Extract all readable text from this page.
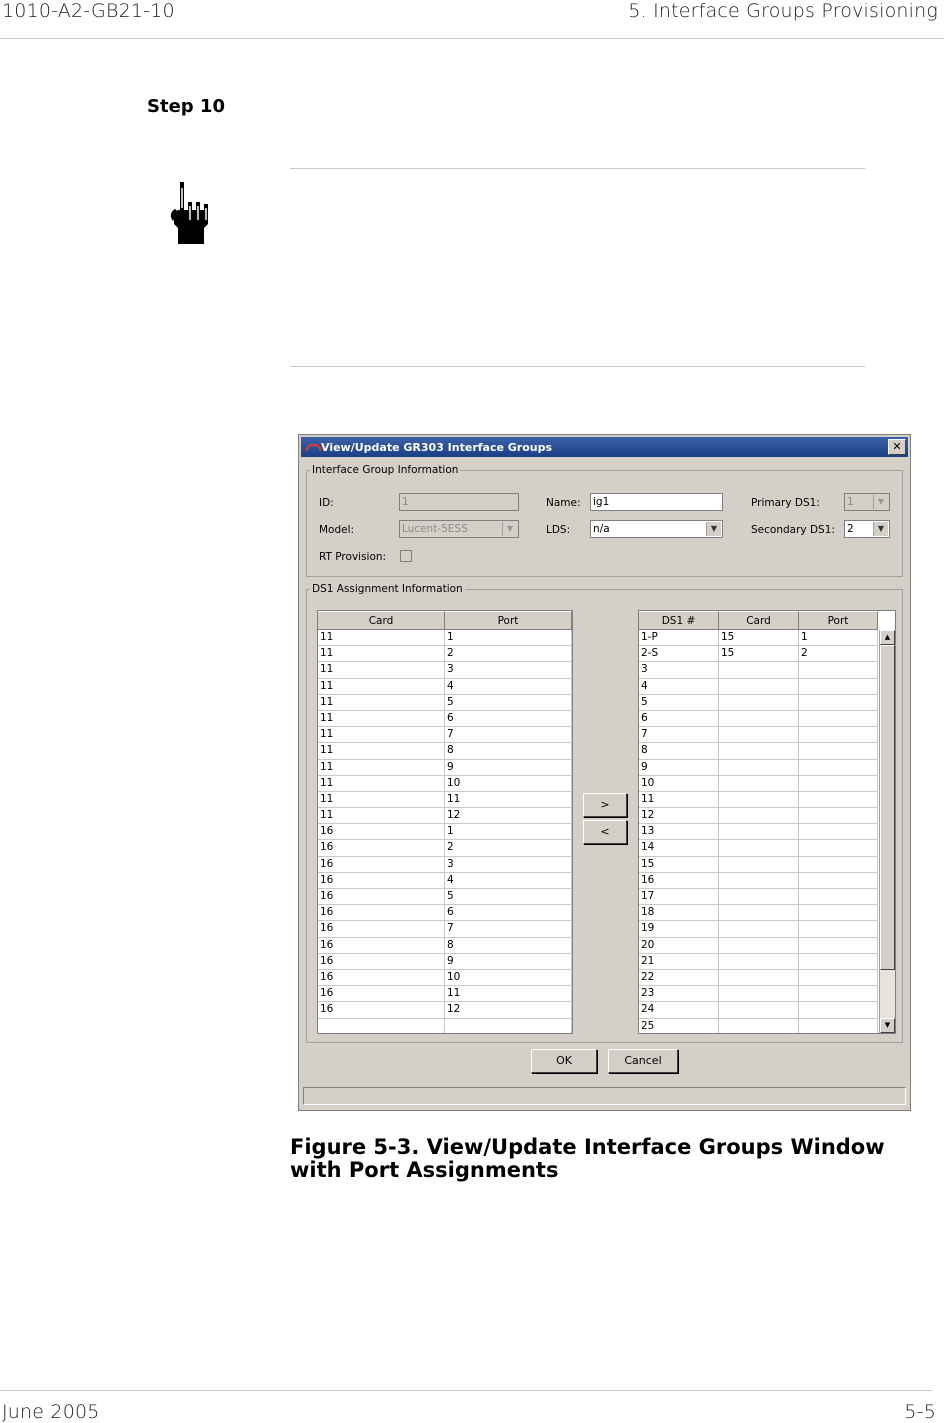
1010-A2-GB21-10	5. Interface Groups Provisioning
Step 10
View/Update GR303 Interface Groups	✕
Interface Group Information
ID:	1	Name: ig1	Primary DS1:	1	▼
Model:	Lucent-5ESS	▼	LDS: n/a	▼	Secondary DS1: 2	▼
RT Provision:
DS1 Assignment Information
Card	Port
11	1
11	2
11	3
11	4
11	5
11	6
11	7
11	8
11	9
11	10
11	11
11	12
16	1
16	2
16	3
16	4
16	5
16	6
16	7
16	8
16	9
16	10
16	11
16	12
>
<
DS1 #	Card	Port
1-P	15	1
2-S	15	2
3
4
5
6
7
8
9
10
11
12
13
14
15
16
17
18
19
20
21
22
23
24
25
▲
▼
OK	Cancel
Figure 5-3. View/Update Interface Groups Window
with Port Assignments
June 2005	5-5
